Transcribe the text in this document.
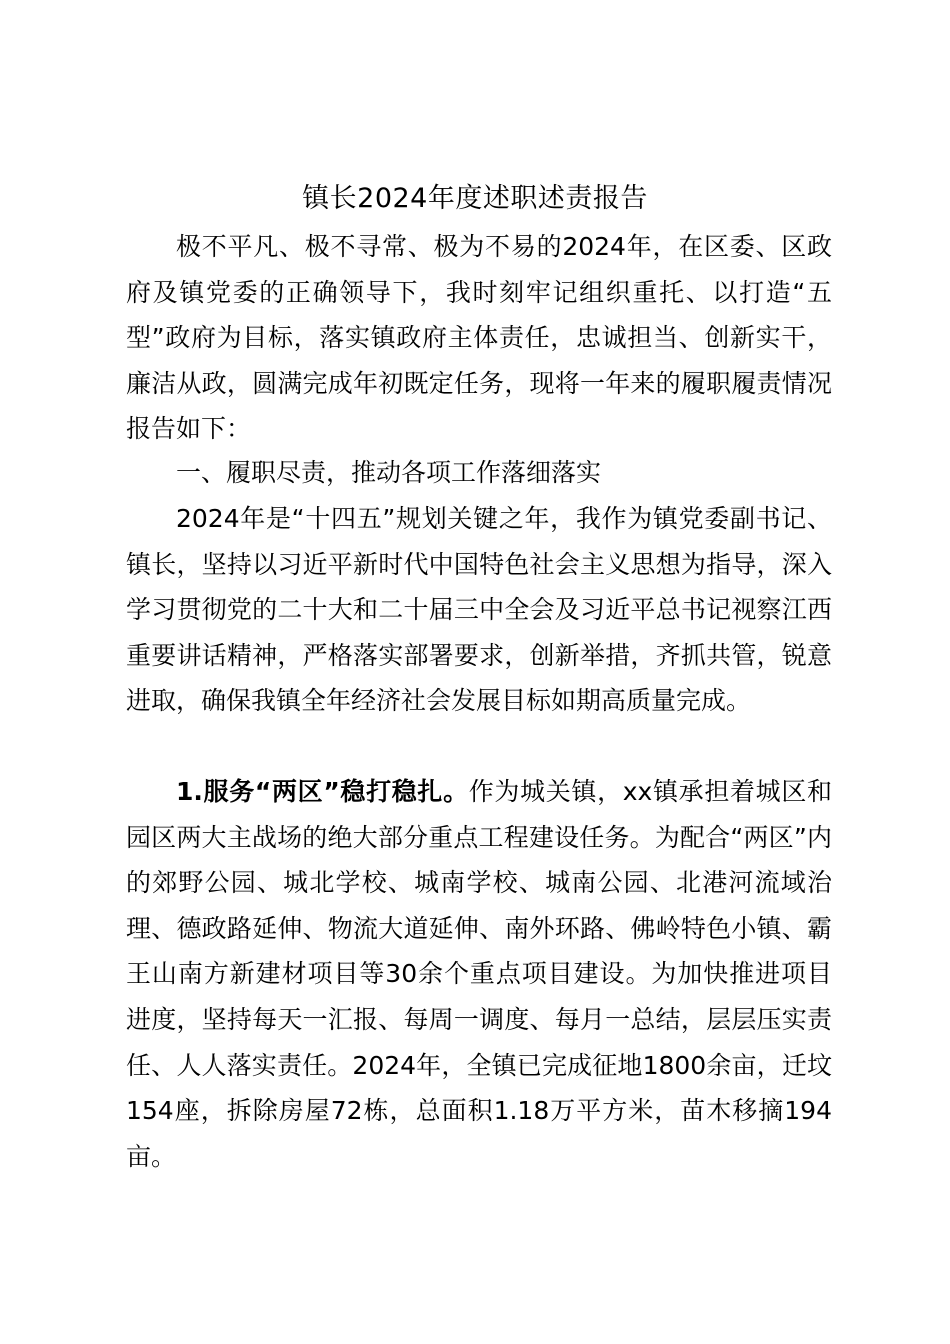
镇长2024年度述职述责报告

极不平凡、极不寻常、极为不易的2024年，在区委、区政府及镇党委的正确领导下，我时刻牢记组织重托、以打造“五型”政府为目标，落实镇政府主体责任，忠诚担当、创新实干，廉洁从政，圆满完成年初既定任务，现将一年来的履职履责情况报告如下：

一、履职尽责，推动各项工作落细落实

2024年是“十四五”规划关键之年，我作为镇党委副书记、镇长，坚持以习近平新时代中国特色社会主义思想为指导，深入学习贯彻党的二十大和二十届三中全会及习近平总书记视察江西重要讲话精神，严格落实部署要求，创新举措，齐抓共管，锐意进取，确保我镇全年经济社会发展目标如期高质量完成。

1.服务“两区”稳打稳扎。作为城关镇，xx镇承担着城区和园区两大主战场的绝大部分重点工程建设任务。为配合“两区”内的郊野公园、城北学校、城南学校、城南公园、北港河流域治理、德政路延伸、物流大道延伸、南外环路、佛岭特色小镇、霸王山南方新建材项目等30余个重点项目建设。为加快推进项目进度，坚持每天一汇报、每周一调度、每月一总结，层层压实责任、人人落实责任。2024年，全镇已完成征地1800余亩，迁坟154座，拆除房屋72栋，总面积1.18万平方米，苗木移摘194亩。
